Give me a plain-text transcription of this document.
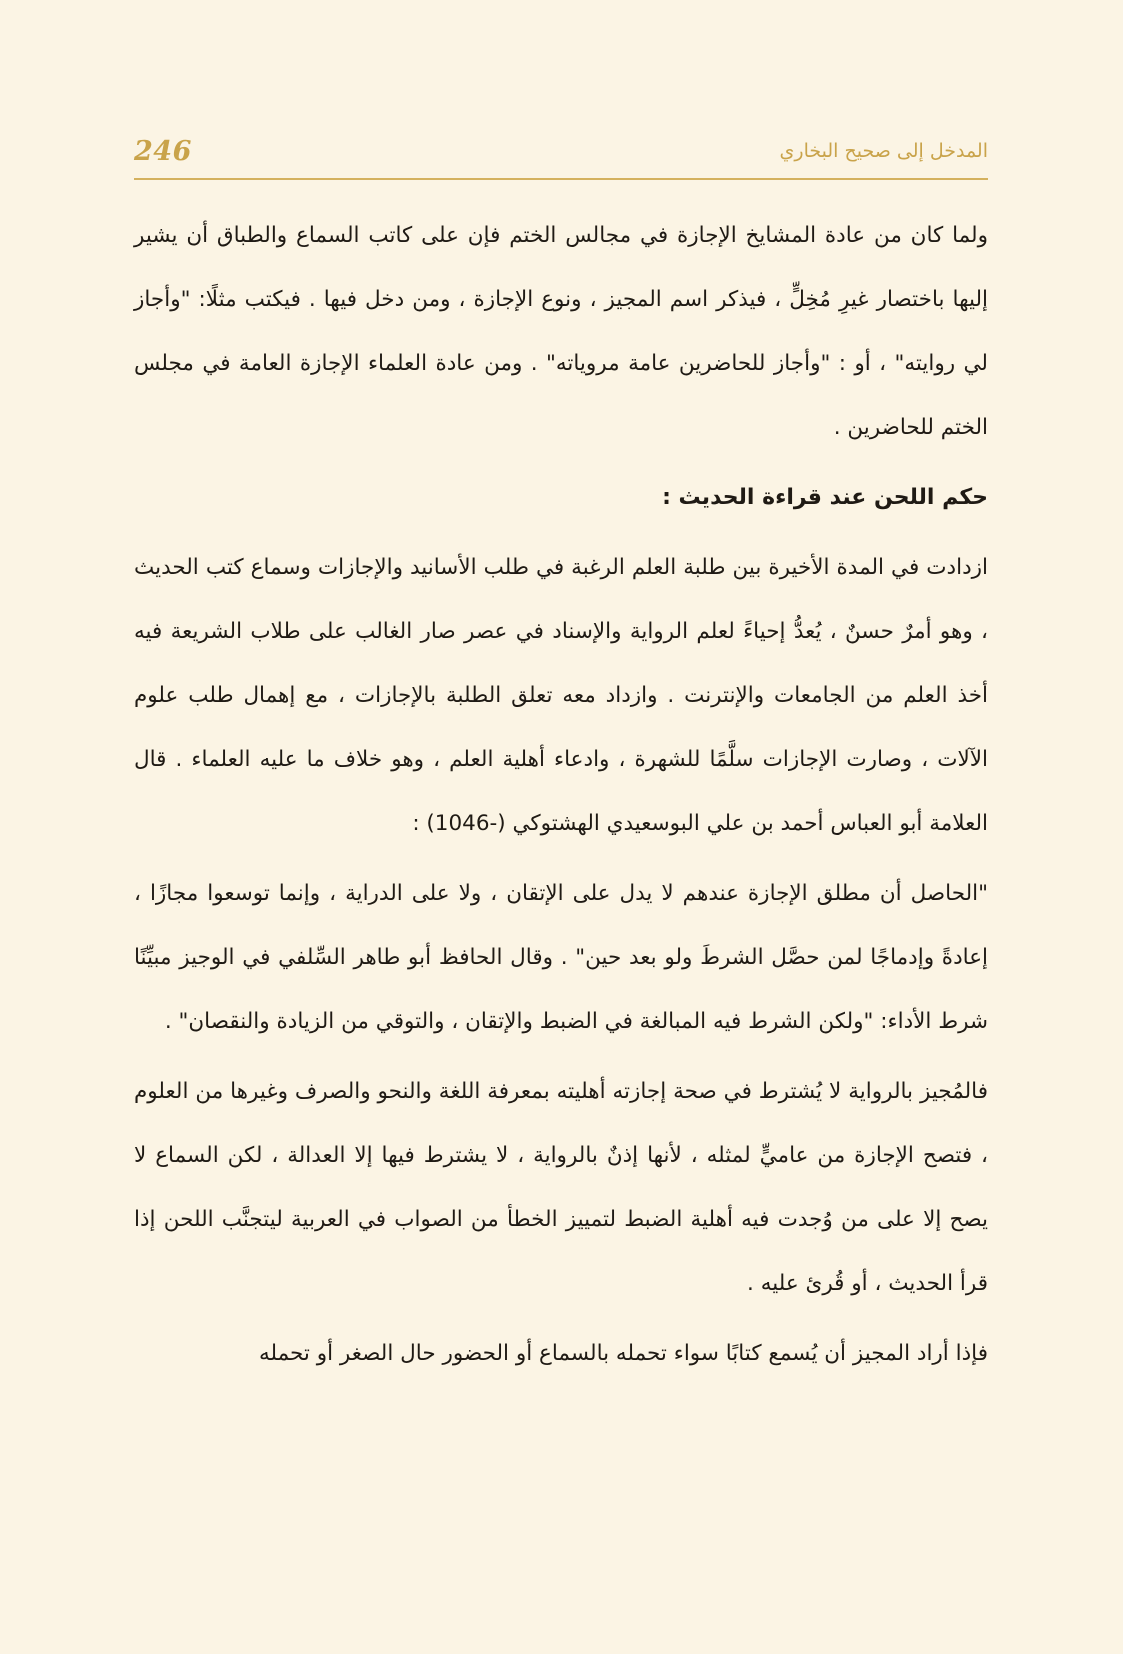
246	المدخل إلى صحيح البخاري

ولما كان من عادة المشايخ الإجازة في مجالس الختم فإن على كاتب السماع والطباق أن يشير إليها باختصار غيرِ مُخِلٍّ ، فيذكر اسم المجيز ، ونوع الإجازة ، ومن دخل فيها . فيكتب مثلًا: "وأجاز لي روايته" ، أو : "وأجاز للحاضرين عامة مروياته" . ومن عادة العلماء الإجازة العامة في مجلس الختم للحاضرين .

حكم اللحن عند قراءة الحديث :

ازدادت في المدة الأخيرة بين طلبة العلم الرغبة في طلب الأسانيد والإجازات وسماع كتب الحديث ، وهو أمرٌ حسنٌ ، يُعدُّ إحياءً لعلم الرواية والإسناد في عصر صار الغالب على طلاب الشريعة فيه أخذ العلم من الجامعات والإنترنت . وازداد معه تعلق الطلبة بالإجازات ، مع إهمال طلب علوم الآلات ، وصارت الإجازات سلَّمًا للشهرة ، وادعاء أهلية العلم ، وهو خلاف ما عليه العلماء . قال العلامة أبو العباس أحمد بن علي البوسعيدي الهشتوكي (-1046) :

"الحاصل أن مطلق الإجازة عندهم لا يدل على الإتقان ، ولا على الدراية ، وإنما توسعوا مجازًا ، إعادةً وإدماجًا لمن حصَّل الشرطَ ولو بعد حين" . وقال الحافظ أبو طاهر السِّلفي في الوجيز مبيِّنًا شرط الأداء: "ولكن الشرط فيه المبالغة في الضبط والإتقان ، والتوقي من الزيادة والنقصان" .

فالمُجيز بالرواية لا يُشترط في صحة إجازته أهليته بمعرفة اللغة والنحو والصرف وغيرها من العلوم ، فتصح الإجازة من عاميٍّ لمثله ، لأنها إذنٌ بالرواية ، لا يشترط فيها إلا العدالة ، لكن السماع لا يصح إلا على من وُجدت فيه أهلية الضبط لتمييز الخطأ من الصواب في العربية ليتجنَّب اللحن إذا قرأ الحديث ، أو قُرئ عليه .

فإذا أراد المجيز أن يُسمع كتابًا سواء تحمله بالسماع أو الحضور حال الصغر أو تحمله
